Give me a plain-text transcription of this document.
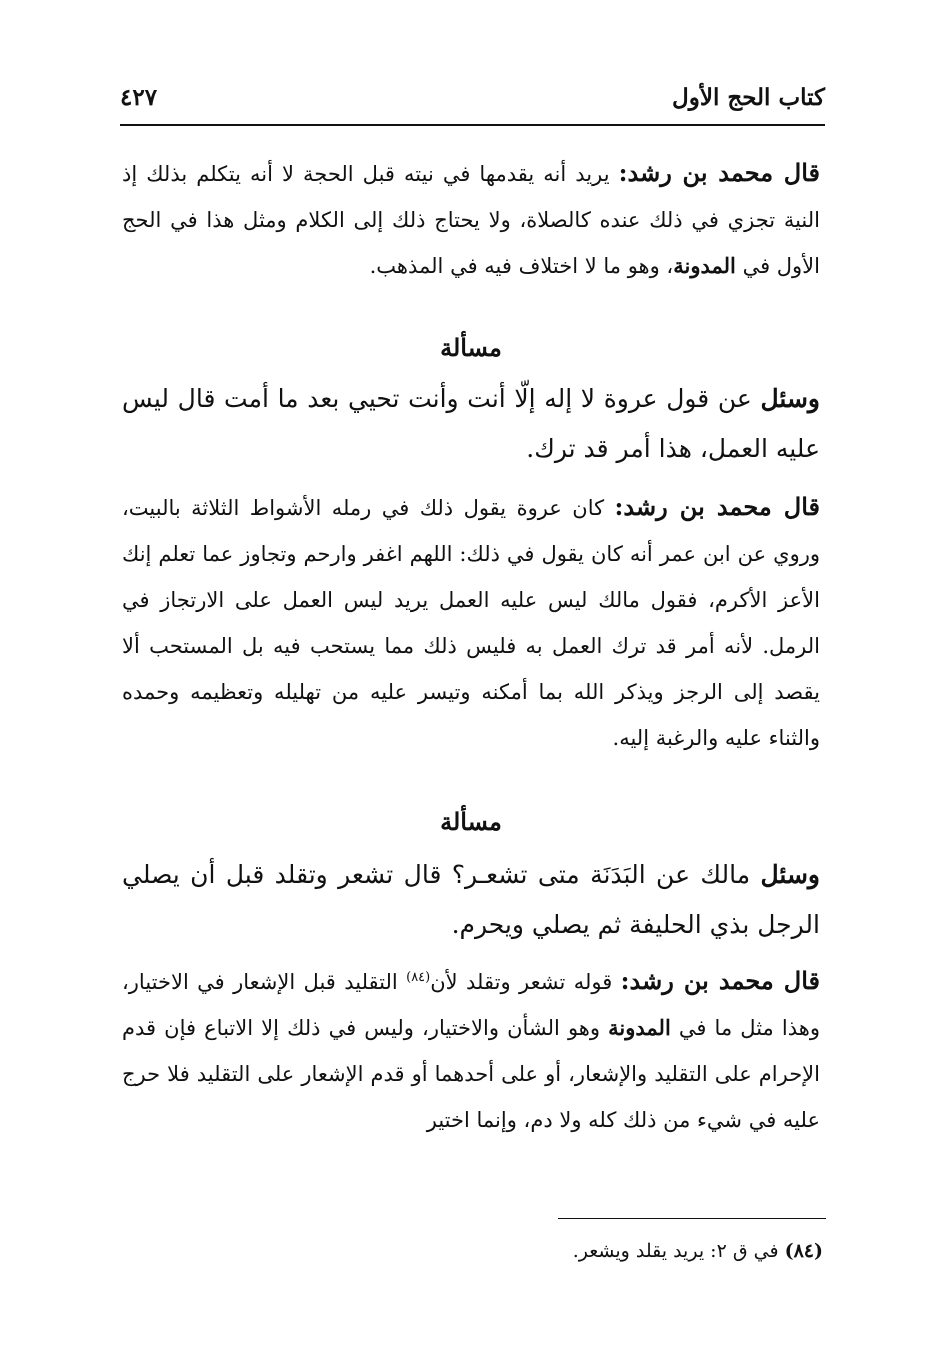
كتاب الحج الأول
٤٢٧

قال محمد بن رشد: يريد أنه يقدمها في نيته قبل الحجة لا أنه يتكلم بذلك إذ النية تجزي في ذلك عنده كالصلاة، ولا يحتاج ذلك إلى الكلام ومثل هذا في الحج الأول في المدونة، وهو ما لا اختلاف فيه في المذهب.

مسألة

وسئل عن قول عروة لا إله إلّا أنت وأنت تحيي بعد ما أمت قال ليس عليه العمل، هذا أمر قد ترك.

قال محمد بن رشد: كان عروة يقول ذلك في رمله الأشواط الثلاثة بالبيت، وروي عن ابن عمر أنه كان يقول في ذلك: اللهم اغفر وارحم وتجاوز عما تعلم إنك الأعز الأكرم، فقول مالك ليس عليه العمل يريد ليس العمل على الارتجاز في الرمل. لأنه أمر قد ترك العمل به فليس ذلك مما يستحب فيه بل المستحب ألا يقصد إلى الرجز ويذكر الله بما أمكنه وتيسر عليه من تهليله وتعظيمه وحمده والثناء عليه والرغبة إليه.

مسألة

وسئل مالك عن البَدَنَة متى تشعـر؟ قال تشعر وتقلد قبل أن يصلي الرجل بذي الحليفة ثم يصلي ويحرم.

قال محمد بن رشد: قوله تشعر وتقلد لأن$^{(٨٤)}$ التقليد قبل الإشعار في الاختيار، وهذا مثل ما في المدونة وهو الشأن والاختيار، وليس في ذلك إلا الاتباع فإن قدم الإحرام على التقليد والإشعار، أو على أحدهما أو قدم الإشعار على التقليد فلا حرج عليه في شيء من ذلك كله ولا دم، وإنما اختير

(٨٤) في ق ٢: يريد يقلد ويشعر.
